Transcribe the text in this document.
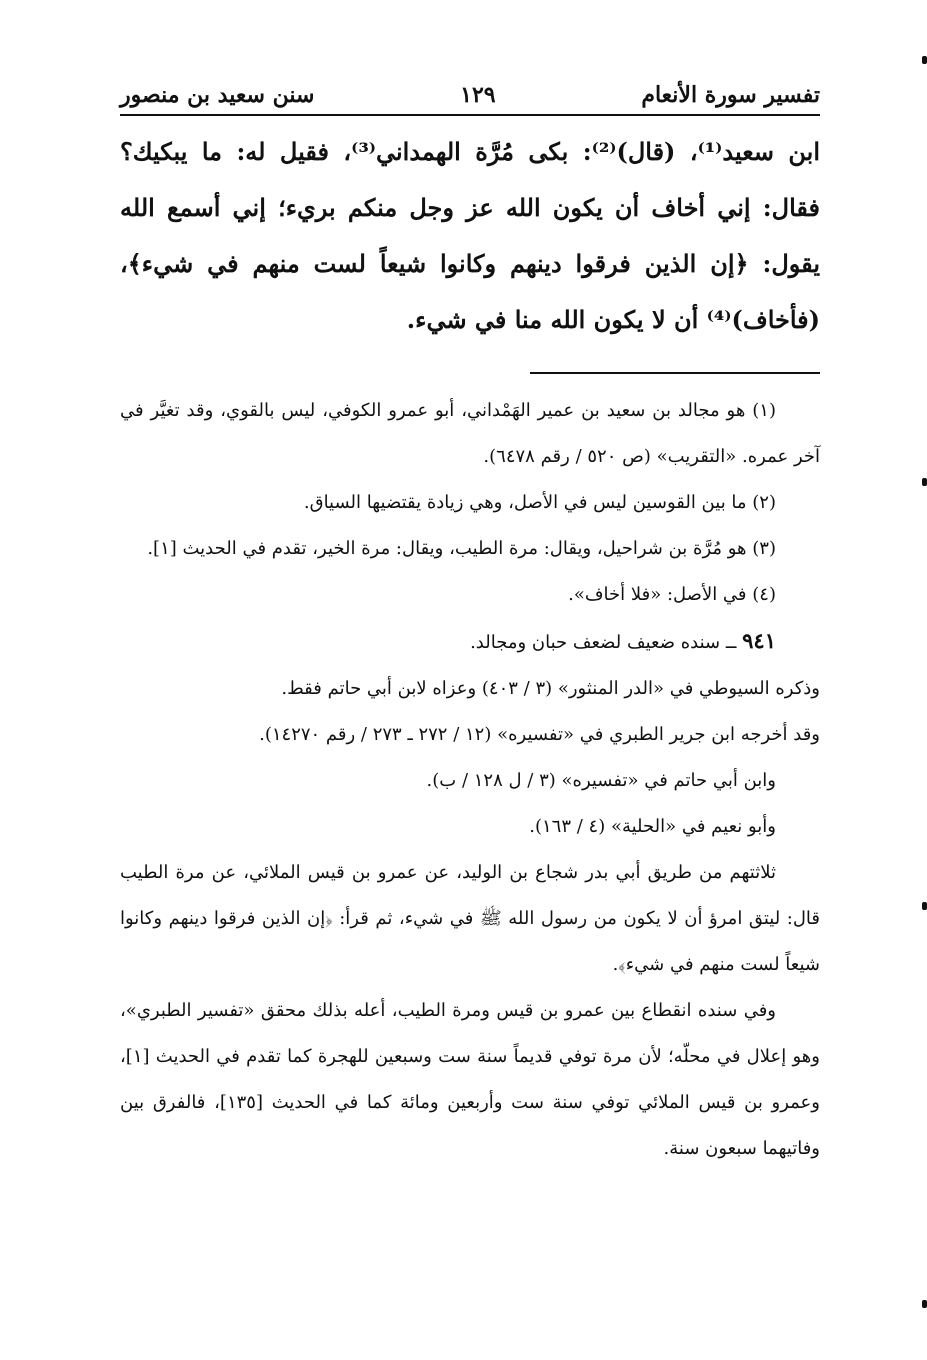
تفسير سورة الأنعام
١٢٩
سنن سعيد بن منصور

ابن سعيد⁽¹⁾، (قال)⁽²⁾: بكى مُرَّة الهمداني⁽³⁾، فقيل له: ما يبكيك؟ فقال: إني أخاف أن يكون الله عز وجل منكم بريء؛ إني أسمع الله يقول: ﴿إن الذين فرقوا دينهم وكانوا شيعاً لست منهم في شيء﴾، (فأخاف)⁽⁴⁾ أن لا يكون الله منا في شيء.

(١) هو مجالد بن سعيد بن عمير الهَمْداني، أبو عمرو الكوفي، ليس بالقوي، وقد تغيَّر في آخر عمره. «التقريب» (ص ٥٢٠ / رقم ٦٤٧٨).

(٢) ما بين القوسين ليس في الأصل، وهي زيادة يقتضيها السياق.

(٣) هو مُرَّة بن شراحيل، ويقال: مرة الطيب، ويقال: مرة الخير، تقدم في الحديث [١].

(٤) في الأصل: «فلا أخاف».

٩٤١ ــ سنده ضعيف لضعف حبان ومجالد.

وذكره السيوطي في «الدر المنثور» (٣ / ٤٠٣) وعزاه لابن أبي حاتم فقط.

وقد أخرجه ابن جرير الطبري في «تفسيره» (١٢ / ٢٧٢ ـ ٢٧٣ / رقم ١٤٢٧٠).

وابن أبي حاتم في «تفسيره» (٣ / ل ١٢٨ / ب).

وأبو نعيم في «الحلية» (٤ / ١٦٣).

ثلاثتهم من طريق أبي بدر شجاع بن الوليد، عن عمرو بن قيس الملائي، عن مرة الطيب قال: ليتق امرؤ أن لا يكون من رسول الله ﷺ في شيء، ثم قرأ: ﴿إن الذين فرقوا دينهم وكانوا شيعاً لست منهم في شيء﴾.

وفي سنده انقطاع بين عمرو بن قيس ومرة الطيب، أعله بذلك محقق «تفسير الطبري»، وهو إعلال في محلّه؛ لأن مرة توفي قديماً سنة ست وسبعين للهجرة كما تقدم في الحديث [١]، وعمرو بن قيس الملائي توفي سنة ست وأربعين ومائة كما في الحديث [١٣٥]، فالفرق بين وفاتيهما سبعون سنة.
